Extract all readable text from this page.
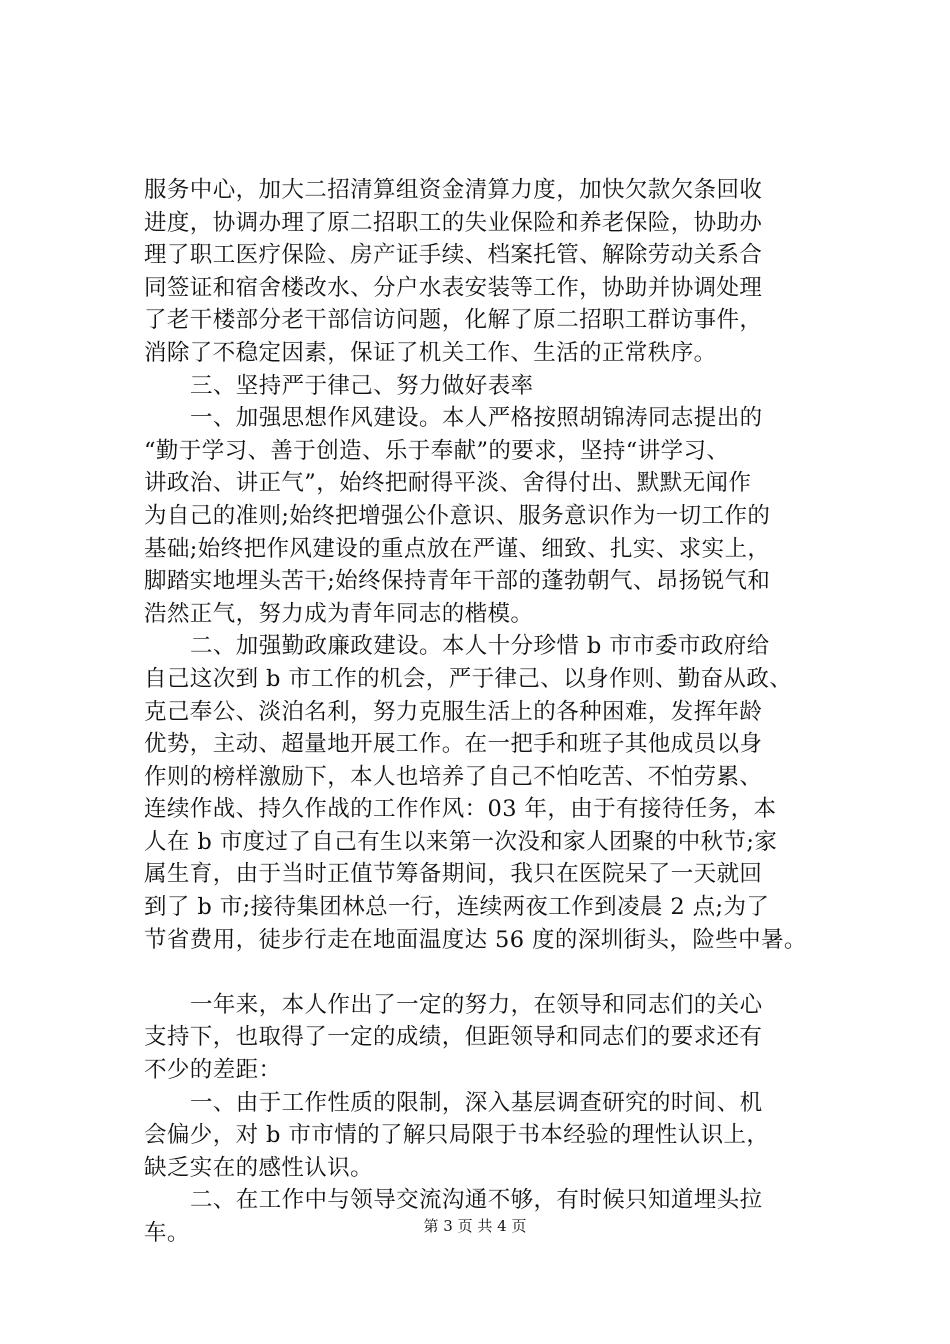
服务中心，加大二招清算组资金清算力度，加快欠款欠条回收
进度，协调办理了原二招职工的失业保险和养老保险，协助办
理了职工医疗保险、房产证手续、档案托管、解除劳动关系合
同签证和宿舍楼改水、分户水表安装等工作，协助并协调处理
了老干楼部分老干部信访问题，化解了原二招职工群访事件，
消除了不稳定因素，保证了机关工作、生活的正常秩序。
三、坚持严于律己、努力做好表率
一、加强思想作风建设。本人严格按照胡锦涛同志提出的
“勤于学习、善于创造、乐于奉献”的要求，坚持“讲学习、
讲政治、讲正气”，始终把耐得平淡、舍得付出、默默无闻作
为自己的准则;始终把增强公仆意识、服务意识作为一切工作的
基础;始终把作风建设的重点放在严谨、细致、扎实、求实上，
脚踏实地埋头苦干;始终保持青年干部的蓬勃朝气、昂扬锐气和
浩然正气，努力成为青年同志的楷模。
二、加强勤政廉政建设。本人十分珍惜 b 市市委市政府给
自己这次到 b 市工作的机会，严于律己、以身作则、勤奋从政、
克己奉公、淡泊名利，努力克服生活上的各种困难，发挥年龄
优势，主动、超量地开展工作。在一把手和班子其他成员以身
作则的榜样激励下，本人也培养了自己不怕吃苦、不怕劳累、
连续作战、持久作战的工作作风：03 年，由于有接待任务，本
人在 b 市度过了自己有生以来第一次没和家人团聚的中秋节;家
属生育，由于当时正值节筹备期间，我只在医院呆了一天就回
到了 b 市;接待集团林总一行，连续两夜工作到凌晨 2 点;为了
节省费用，徒步行走在地面温度达 56 度的深圳街头，险些中暑。
一年来，本人作出了一定的努力，在领导和同志们的关心
支持下，也取得了一定的成绩，但距领导和同志们的要求还有
不少的差距：
一、由于工作性质的限制，深入基层调查研究的时间、机
会偏少，对 b 市市情的了解只局限于书本经验的理性认识上，
缺乏实在的感性认识。
二、在工作中与领导交流沟通不够，有时候只知道埋头拉
车。	第 3 页 共 4 页
